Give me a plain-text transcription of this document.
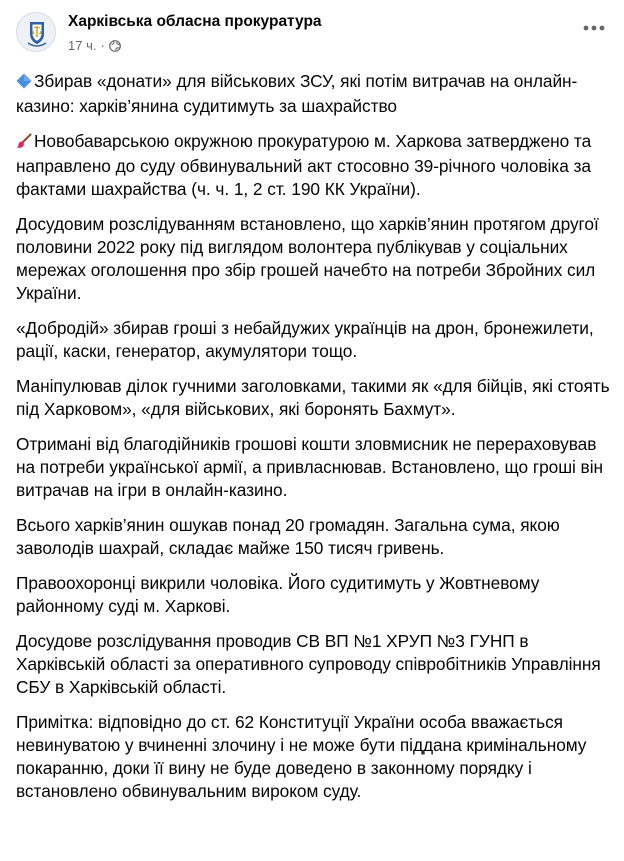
Харківська обласна прокуратура
17 ч. ·

Збирав «донати» для військових ЗСУ, які потім витрачав на онлайн-казино: харків’янина судитимуть за шахрайство

Новобаварською окружною прокуратурою м. Харкова затверджено та направлено до суду обвинувальний акт стосовно 39-річного чоловіка за фактами шахрайства (ч. ч. 1, 2 ст. 190 КК України).

Досудовим розслідуванням встановлено, що харків’янин протягом другої половини 2022 року під виглядом волонтера публікував у соціальних мережах оголошення про збір грошей начебто на потреби Збройних сил України.

«Добродій» збирав гроші з небайдужих українців на дрон, бронежилети, рації, каски, генератор, акумулятори тощо.

Маніпулював ділок гучними заголовками, такими як «для бійців, які стоять під Харковом», «для військових, які боронять Бахмут».

Отримані від благодійників грошові кошти зловмисник не перераховував на потреби української армії, а привласнював. Встановлено, що гроші він витрачав на ігри в онлайн-казино.

Всього харків’янин ошукав понад 20 громадян. Загальна сума, якою заволодів шахрай, складає майже 150 тисяч гривень.

Правоохоронці викрили чоловіка. Його судитимуть у Жовтневому районному суді м. Харкові.

Досудове розслідування проводив СВ ВП №1 ХРУП №3 ГУНП в Харківській області за оперативного супроводу співробітників Управління СБУ в Харківській області.

Примітка: відповідно до ст. 62 Конституції України особа вважається невинуватою у вчиненні злочину і не може бути піддана кримінальному покаранню, доки її вину не буде доведено в законному порядку і встановлено обвинувальним вироком суду.
